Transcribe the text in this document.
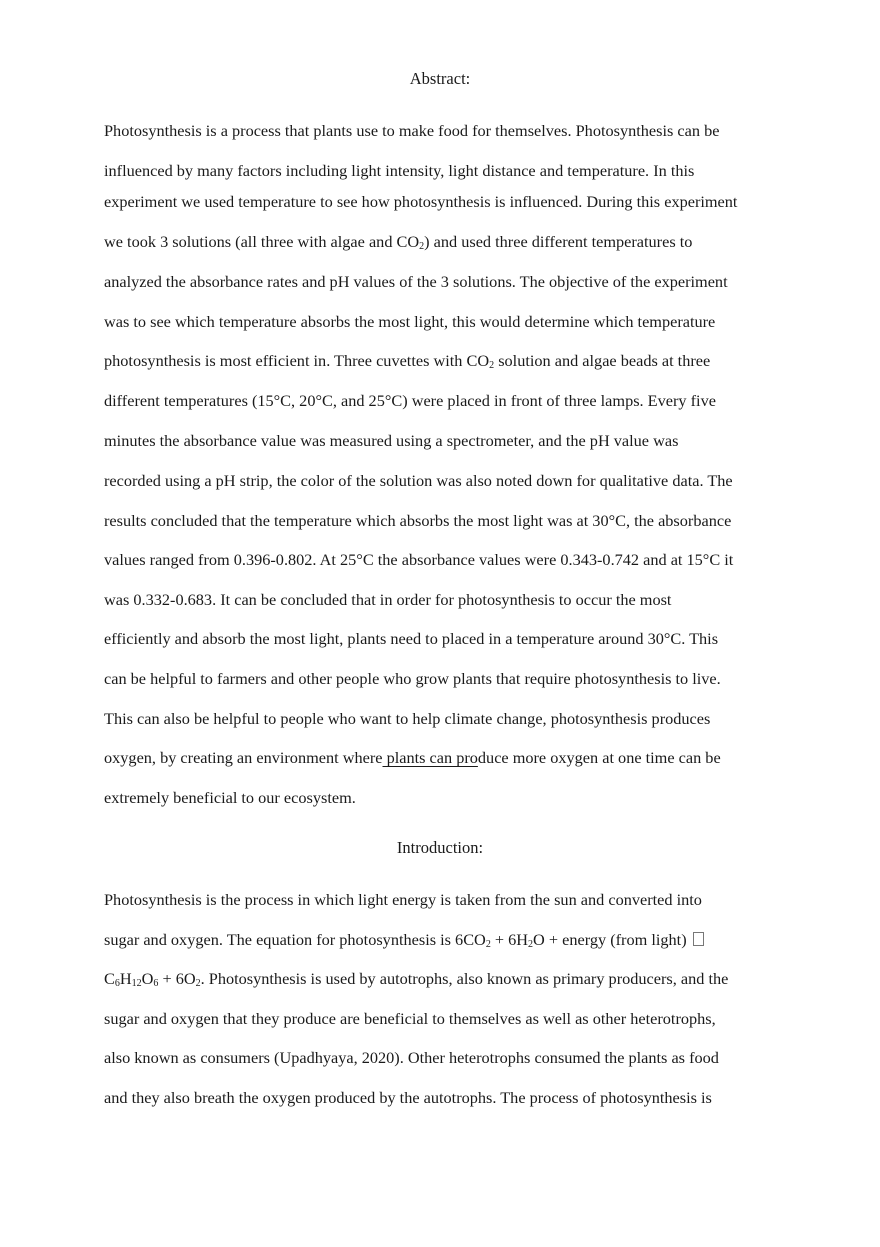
Abstract:
Photosynthesis is a process that plants use to make food for themselves. Photosynthesis can be
influenced by many factors including light intensity, light distance and temperature. In this
experiment we used temperature to see how photosynthesis is influenced. During this experiment
we took 3 solutions (all three with algae and $CO_2$) and used three different temperatures to
analyzed the absorbance rates and pH values of the 3 solutions. The objective of the experiment
was to see which temperature absorbs the most light, this would determine which temperature
photosynthesis is most efficient in. Three cuvettes with $CO_2$ solution and algae beads at three
different temperatures (15°C, 20°C, and 25°C) were placed in front of three lamps. Every five
minutes the absorbance value was measured using a spectrometer, and the pH value was
recorded using a pH strip, the color of the solution was also noted down for qualitative data. The
results concluded that the temperature which absorbs the most light was at 30°C, the absorbance
values ranged from 0.396-0.802. At 25°C the absorbance values were 0.343-0.742 and at 15°C it
was 0.332-0.683. It can be concluded that in order for photosynthesis to occur the most
efficiently and absorb the most light, plants need to placed in a temperature around 30°C. This
can be helpful to farmers and other people who grow plants that require photosynthesis to live.
This can also be helpful to people who want to help climate change, photosynthesis produces
oxygen, by creating an environment where plants can produce more oxygen at one time can be
extremely beneficial to our ecosystem.
Introduction:
Photosynthesis is the process in which light energy is taken from the sun and converted into
sugar and oxygen. The equation for photosynthesis is $6CO_2 + 6H_2O$ + energy (from light)
$C_6H_{12}O_6 + 6O_2$. Photosynthesis is used by autotrophs, also known as primary producers, and the
sugar and oxygen that they produce are beneficial to themselves as well as other heterotrophs,
also known as consumers (Upadhyaya, 2020). Other heterotrophs consumed the plants as food
and they also breath the oxygen produced by the autotrophs. The process of photosynthesis is
